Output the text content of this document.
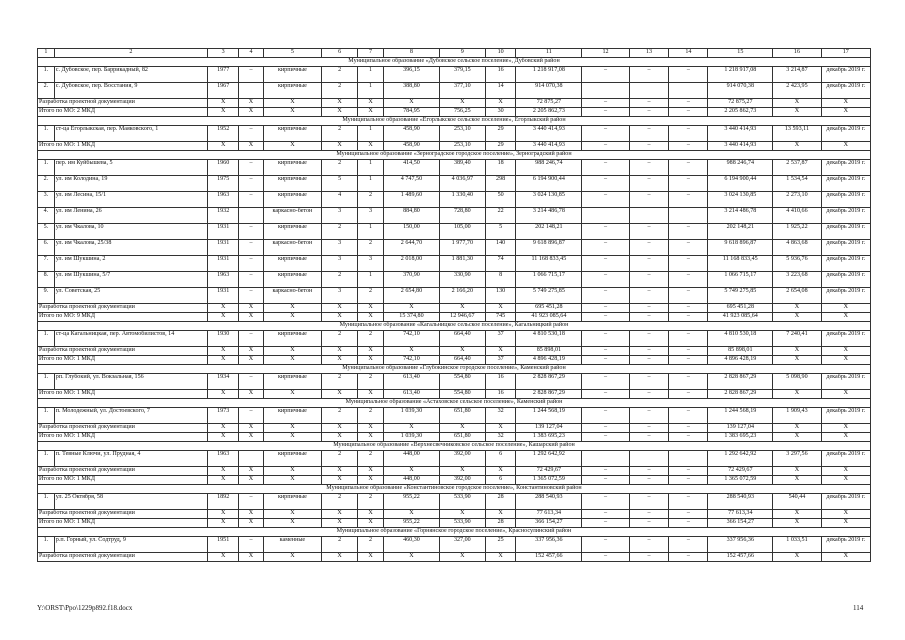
1	2	3	4	5	6	7	8	9	10	11	12	13	14	15	16	17
Муниципальное образование «Дубовское сельское поселение», Дубовский район																
1.	с. Дубовское, пер. Баррикадный, 82	1977	–	кирпичные	2	1	396,15	379,15	16	1 218 917,08	–	–	–	1 218 917,08	3 214,87	декабрь 2019 г.
2.	с. Дубовское, пер. Восстания, 9	1967		кирпичные	2	1	388,80	377,10	14	914 070,38				914 070,38	2 423,95	декабрь 2019 г.
Разработка проектной документации		X	X	X	X	X	X	X	X	72 875,27	–	–	–	72 875,27	X	X
Итого по МО: 2 МКД		X	X	X	X	X	784,95	756,25	30	2 205 862,73	–	–	–	2 205 862,73	X	X
Муниципальное образование «Егорлыкское сельское поселение», Егорлыкский район																
1.	ст-ца Егорлыкская, пер. Маяковского, 1	1952	–	кирпичные	2	1	458,90	253,10	29	3 440 414,93	–	–	–	3 440 414,93	13 593,11	декабрь 2019 г.
Итого по МО: 1 МКД		X	X	X	X	X	458,90	253,10	29	3 440 414,93	–	–	–	3 440 414,93	X	X
Муниципальное образование «Зерноградское городское поселение», Зерноградский район																
1.	пер. им Куйбышева, 5	1960	–	кирпичные	2	1	414,50	389,40	18	988 246,74	–	–	–	988 246,74	2 537,87	декабрь 2019 г.
2.	ул. им Колодина, 19	1975	–	кирпичные	5	1	4 747,50	4 036,97	298	6 194 900,44	–	–	–	6 194 900,44	1 534,54	декабрь 2019 г.
3.	ул. им Лесина, 15/1	1963	–	кирпичные	4	2	1 489,60	1 330,40	50	3 024 130,85	–	–	–	3 024 130,85	2 273,10	декабрь 2019 г.
4.	ул. им Ленина, 26	1932		каркасно-бетон	3	3	884,80	728,80	22	3 214 486,78				3 214 486,78	4 410,66	декабрь 2019 г.
5.	ул. им Чкалова, 10	1931	–	кирпичные	2	1	150,00	105,00	5	202 148,21	–	–	–	202 148,21	1 925,22	декабрь 2019 г.
6.	ул. им Чкалова, 25/38	1931	–	каркасно-бетон	3	2	2 644,70	1 977,70	140	9 618 896,87	–	–	–	9 618 896,87	4 863,68	декабрь 2019 г.
7.	ул. им Шукшина, 2	1931	–	кирпичные	3	3	2 018,00	1 881,30	74	11 168 833,45	–	–	–	11 168 833,45	5 936,76	декабрь 2019 г.
8.	ул. им Шукшина, 5/7	1963	–	кирпичные	2	1	370,90	330,90	8	1 066 715,17	–	–	–	1 066 715,17	3 223,68	декабрь 2019 г.
9.	ул. Советская, 25	1931	–	каркасно-бетон	3	2	2 654,80	2 166,20	130	5 749 275,85	–	–	–	5 749 275,85	2 654,08	декабрь 2019 г.
Разработка проектной документации		X	X	X	X	X	X	X	X	695 451,28	–	–	–	695 451,28	X	X
Итого по МО: 9 МКД		X	X	X	X	X	15 374,80	12 946,67	745	41 923 085,64	–	–	–	41 923 085,64	X	X
Муниципальное образование «Кагальницкое сельское поселение», Кагальницкий район																
1.	ст-ца Кагальницкая, пер. Автомобилистов, 14	1930	–	кирпичные	2	2	742,10	664,40	37	4 810 530,18	–	–	–	4 810 530,18	7 240,41	декабрь 2019 г.
Разработка проектной документации		X	X	X	X	X	X	X	X	85 898,01	–	–	–	85 898,01	X	X
Итого по МО: 1 МКД		X	X	X	X	X	742,10	664,40	37	4 896 428,19	–	–	–	4 896 428,19	X	X
Муниципальное образование «Глубокинское городское поселение», Каменский район																
1.	рп. Глубокий, ул. Вокзальная, 156	1934	–	кирпичные	2	2	613,40	554,80	16	2 828 867,29	–	–	–	2 828 867,29	5 098,90	декабрь 2019 г.
Итого по МО: 1 МКД		X	X	X	X	X	613,40	554,80	16	2 828 867,29	–	–	–	2 828 867,29	X	X
Муниципальное образование «Астаховское сельское поселение», Каменский район																
1.	п. Молодежный, ул. Достоевского, 7	1973	–	кирпичные	2	2	1 039,30	651,80	32	1 244 568,19	–	–	–	1 244 568,19	1 909,43	декабрь 2019 г.
Разработка проектной документации		X	X	X	X	X	X	X	X	139 127,04	–	–	–	139 127,04	X	X
Итого по МО: 1 МКД		X	X	X	X	X	1 039,30	651,80	32	1 383 695,23	–	–	–	1 383 695,23	X	X
Муниципальное образование «Верхнесвечниковское сельское поселение», Кашарский район																
1.	п. Тевные Ключи, ул. Прудная, 4	1963		кирпичные	2	2	448,00	392,00	6	1 292 642,92				1 292 642,92	3 297,56	декабрь 2019 г.
Разработка проектной документации		X	X	X	X	X	X	X	X	72 429,67	–	–	–	72 429,67	X	X
Итого по МО: 1 МКД		X	X	X	X	X	448,00	392,00	6	1 365 072,59	–	–	–	1 365 072,59	X	X
Муниципальное образование «Константиновское городское поселение», Константиновский район																
1.	ул. 25 Октября, 58	1892	–	кирпичные	2	2	955,22	533,90	28	288 540,93	–	–	–	288 540,93	540,44	декабрь 2019 г.
Разработка проектной документации		X	X	X	X	X	X	X	X	77 613,34	–	–	–	77 613,34	X	X
Итого по МО: 1 МКД		X	X	X	X	X	955,22	533,90	28	366 154,27	–	–	–	366 154,27	X	X
Муниципальное образование «Горнянское городское поселение», Красносулинский район																
1.	р.п. Горный, ул. Содтруд, 9	1951	–	каменные	2	2	460,30	327,00	25	337 956,36	–	–	–	337 956,36	1 033,51	декабрь 2019 г.
Разработка проектной документации		X	X	X	X	X	X	X	X	152 457,66	–	–	–	152 457,66	X	X
Y:\ORST\Ppo\1229p892.f18.docx	114
